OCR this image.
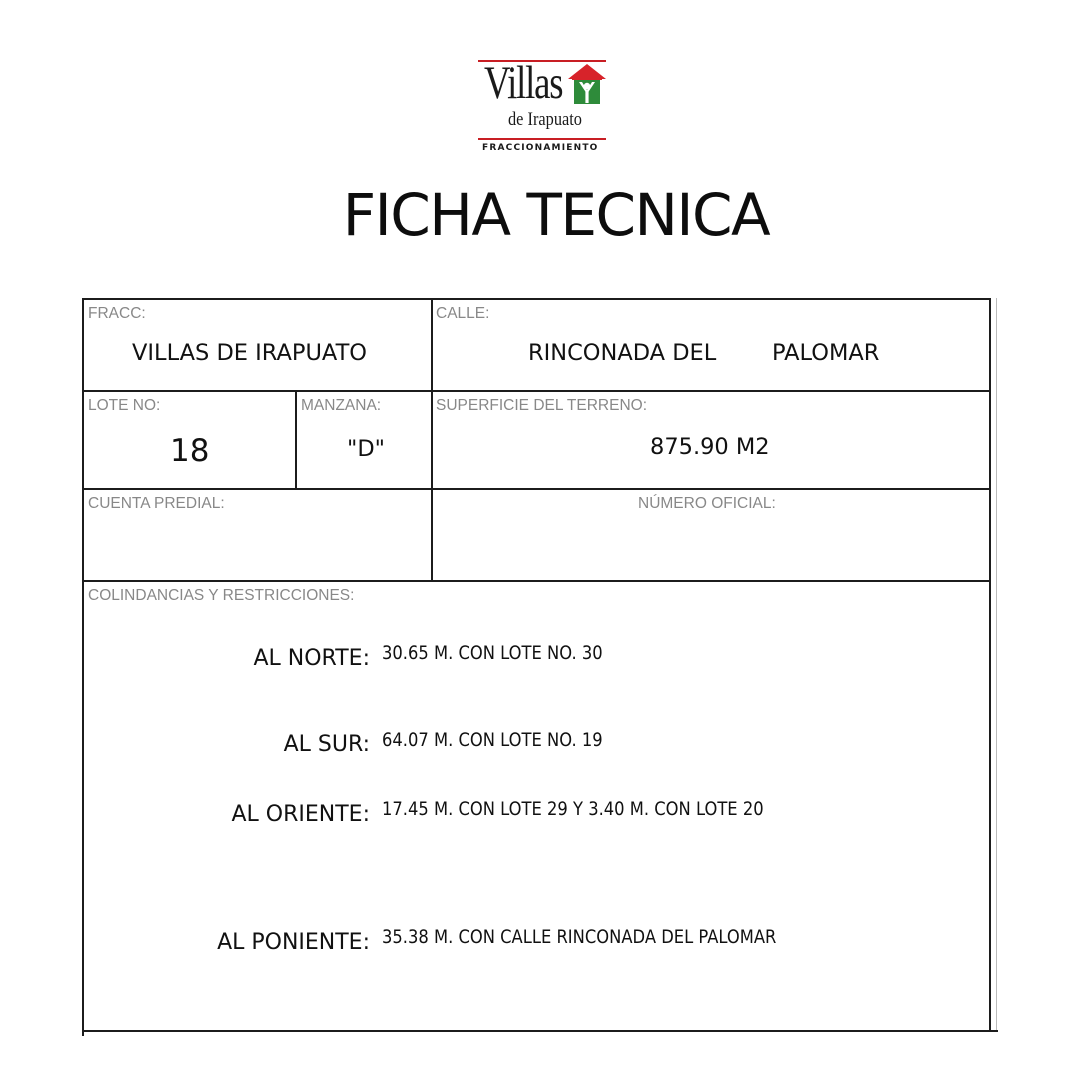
Villas
de Irapuato
FRACCIONAMIENTO
FICHA TECNICA
FRACC:
VILLAS DE IRAPUATO
CALLE:
RINCONADA DEL PALOMAR
LOTE NO:
18
MANZANA:
"D"
SUPERFICIE DEL TERRENO:
875.90 M2
CUENTA PREDIAL:	NÚMERO OFICIAL:
COLINDANCIAS Y RESTRICCIONES:
AL NORTE: 30.65 M. CON LOTE NO. 30
AL SUR: 64.07 M. CON LOTE NO. 19
AL ORIENTE: 17.45 M. CON LOTE 29 Y 3.40 M. CON LOTE 20
AL PONIENTE: 35.38 M. CON CALLE RINCONADA DEL PALOMAR
